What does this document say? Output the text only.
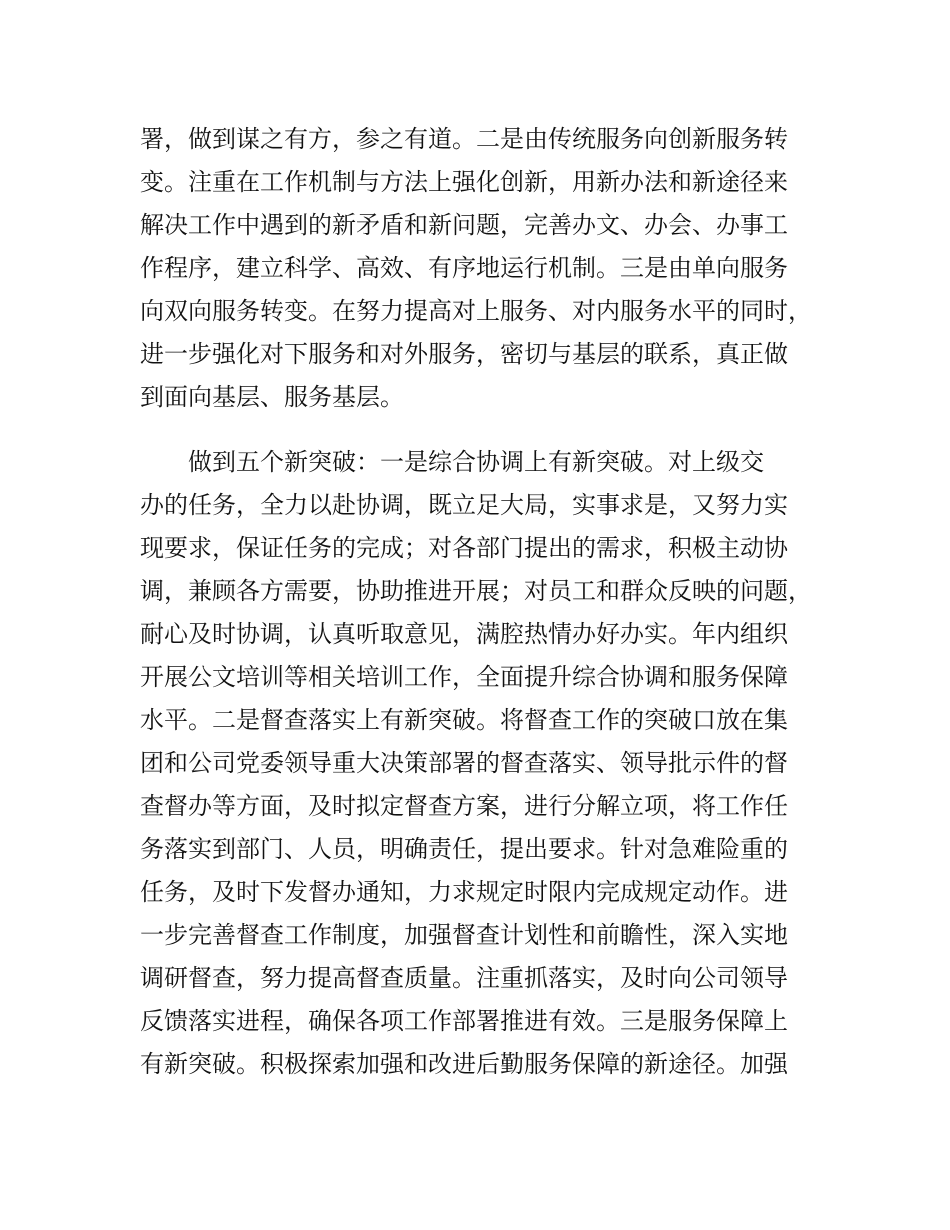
署，做到谋之有方，参之有道。二是由传统服务向创新服务转
变。注重在工作机制与方法上强化创新，用新办法和新途径来
解决工作中遇到的新矛盾和新问题，完善办文、办会、办事工
作程序，建立科学、高效、有序地运行机制。三是由单向服务
向双向服务转变。在努力提高对上服务、对内服务水平的同时，
进一步强化对下服务和对外服务，密切与基层的联系，真正做
到面向基层、服务基层。
　　做到五个新突破：一是综合协调上有新突破。对上级交
办的任务，全力以赴协调，既立足大局，实事求是，又努力实
现要求，保证任务的完成；对各部门提出的需求，积极主动协
调，兼顾各方需要，协助推进开展；对员工和群众反映的问题，
耐心及时协调，认真听取意见，满腔热情办好办实。年内组织
开展公文培训等相关培训工作，全面提升综合协调和服务保障
水平。二是督查落实上有新突破。将督查工作的突破口放在集
团和公司党委领导重大决策部署的督查落实、领导批示件的督
查督办等方面，及时拟定督查方案，进行分解立项，将工作任
务落实到部门、人员，明确责任，提出要求。针对急难险重的
任务，及时下发督办通知，力求规定时限内完成规定动作。进
一步完善督查工作制度，加强督查计划性和前瞻性，深入实地
调研督查，努力提高督查质量。注重抓落实，及时向公司领导
反馈落实进程，确保各项工作部署推进有效。三是服务保障上
有新突破。积极探索加强和改进后勤服务保障的新途径。加强
